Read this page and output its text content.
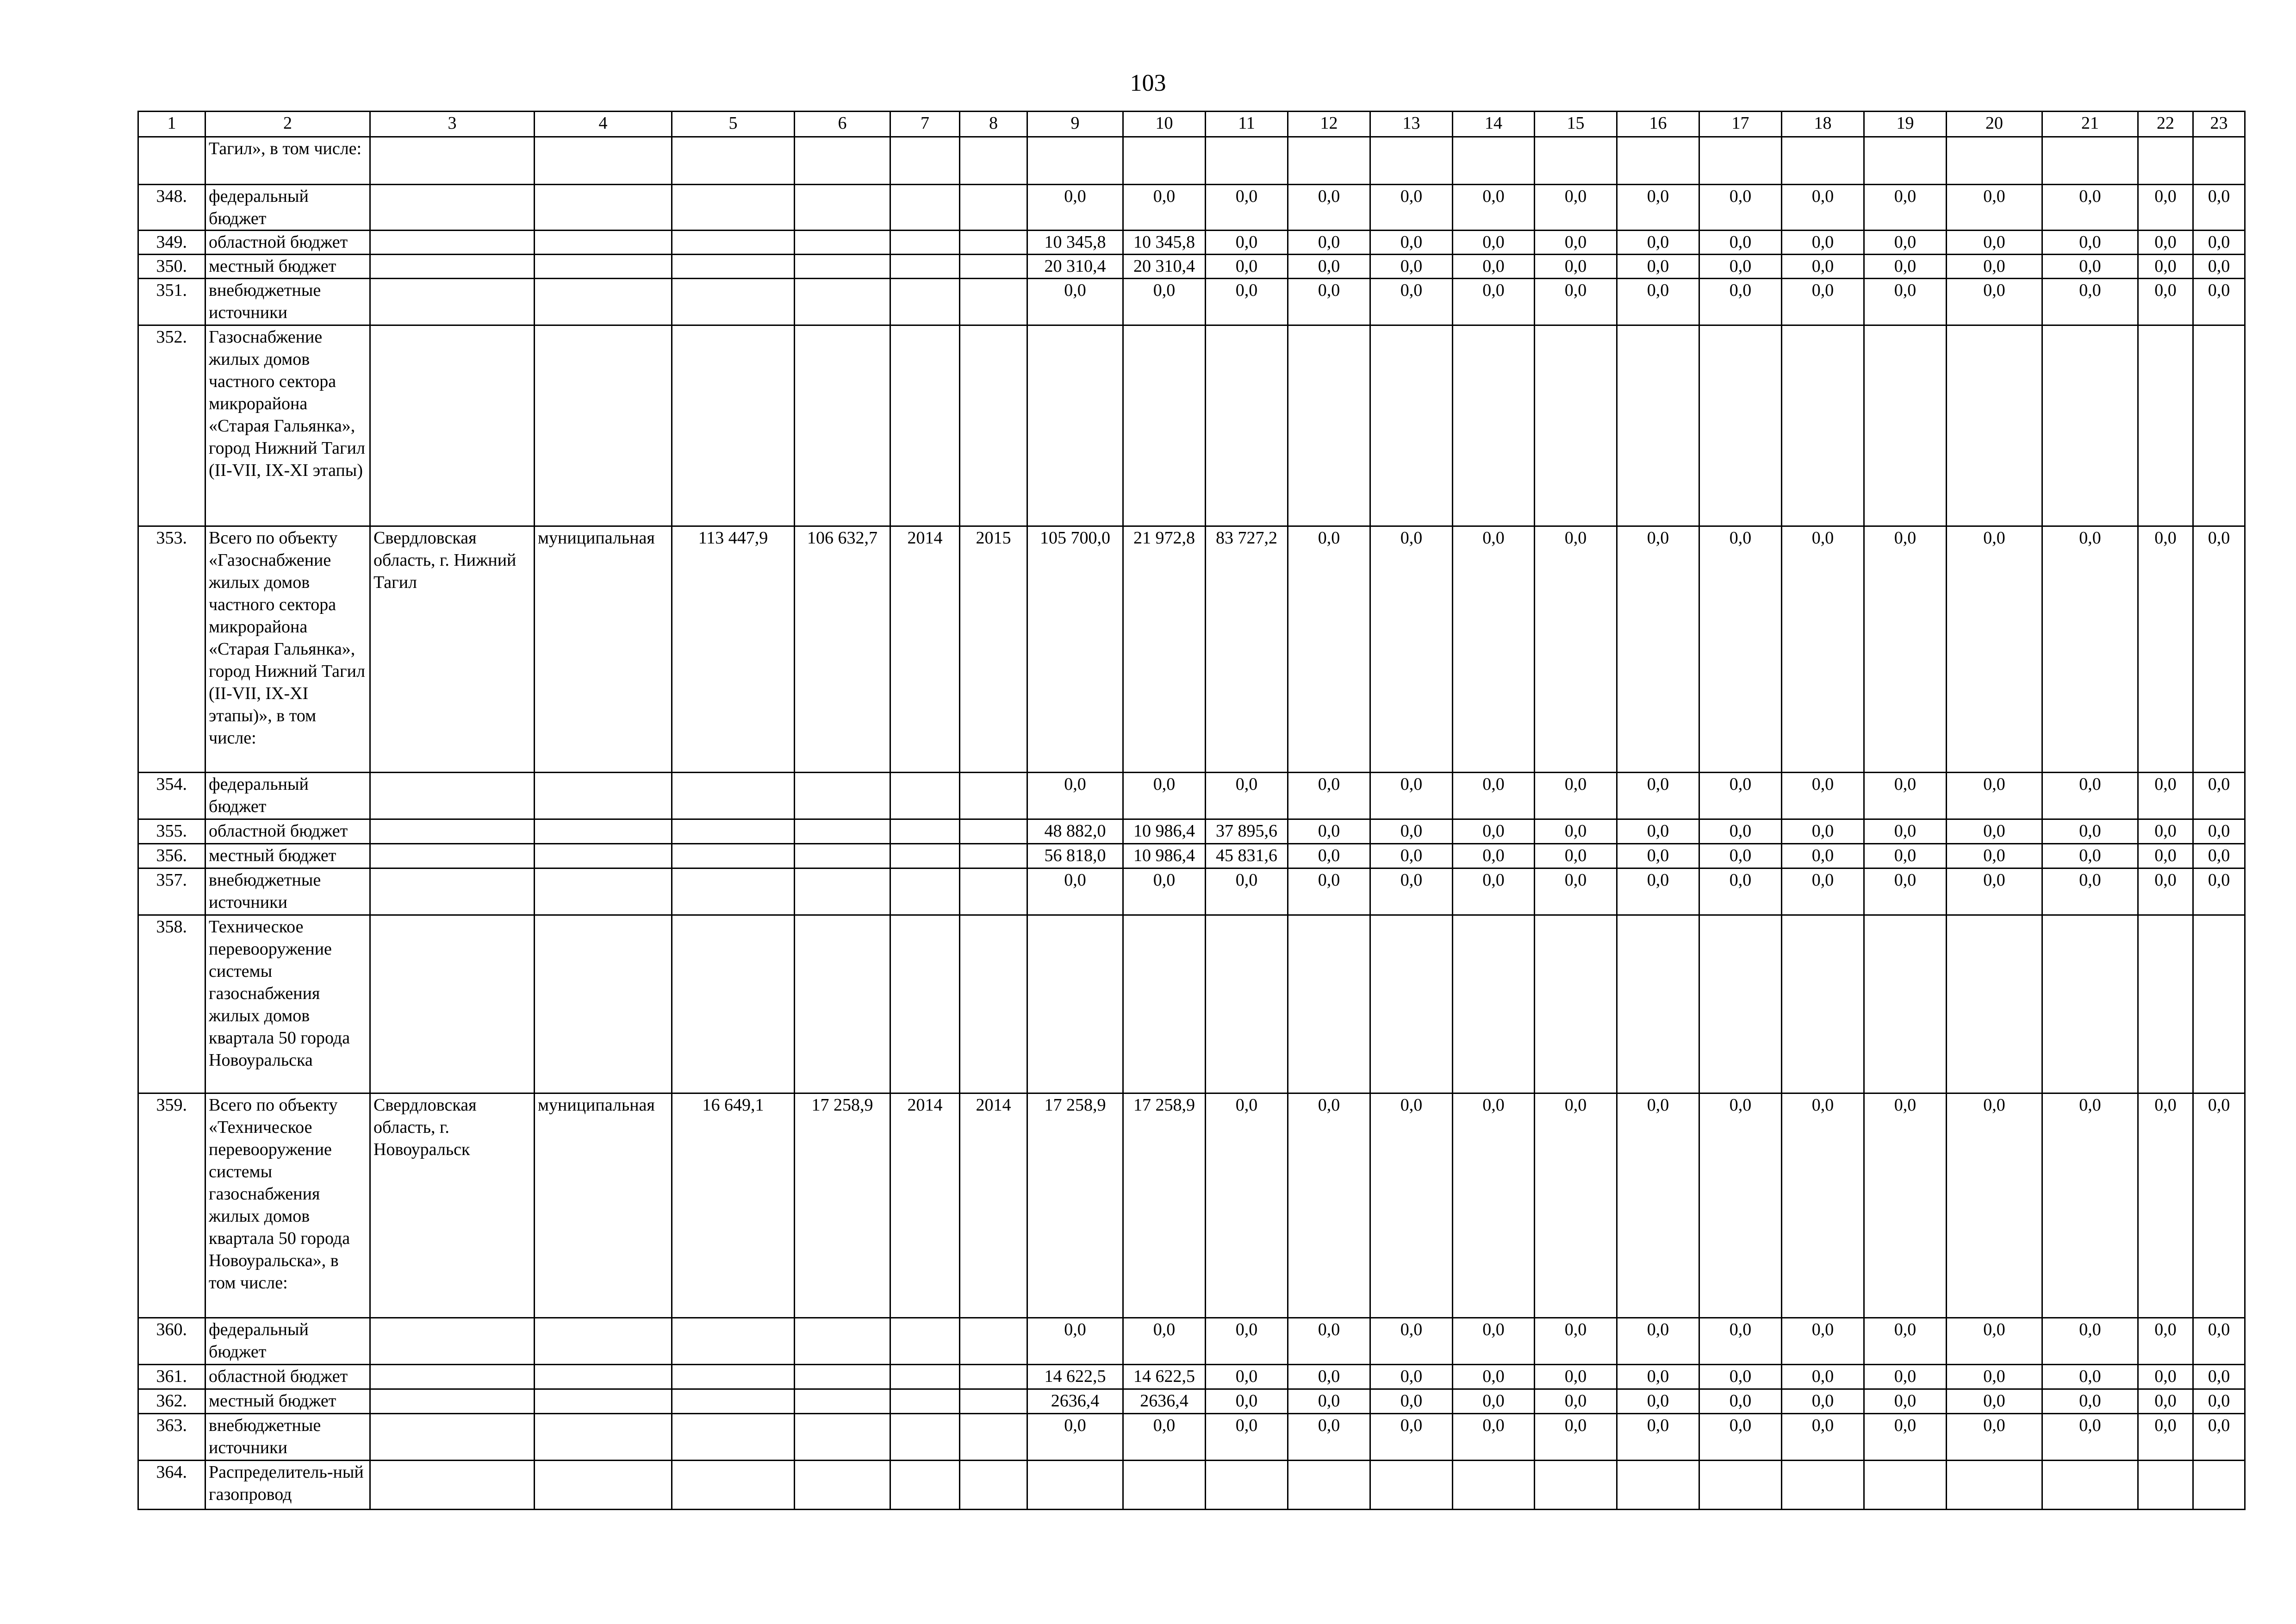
103
1	2	3	4	5	6	7	8	9	10	11	12	13	14	15	16	17	18	19	20	21	22	23
	Тагил», в том числе:																					
348.	федеральный бюджет							0,0	0,0	0,0	0,0	0,0	0,0	0,0	0,0	0,0	0,0	0,0	0,0	0,0	0,0	0,0
349.	областной бюджет							10 345,8	10 345,8	0,0	0,0	0,0	0,0	0,0	0,0	0,0	0,0	0,0	0,0	0,0	0,0	0,0
350.	местный бюджет							20 310,4	20 310,4	0,0	0,0	0,0	0,0	0,0	0,0	0,0	0,0	0,0	0,0	0,0	0,0	0,0
351.	внебюджетные источники							0,0	0,0	0,0	0,0	0,0	0,0	0,0	0,0	0,0	0,0	0,0	0,0	0,0	0,0	0,0
352.	Газоснабжение жилых домов частного сектора микрорайона «Старая Гальянка», город Нижний Тагил (II-VII, IX-XI этапы)																					
353.	Всего по объекту «Газоснабжение жилых домов частного сектора микрорайона «Старая Гальянка», город Нижний Тагил (II-VII, IX-XI этапы)», в том числе:	Свердловская область, г. Нижний Тагил	муниципальная	113 447,9	106 632,7	2014	2015	105 700,0	21 972,8	83 727,2	0,0	0,0	0,0	0,0	0,0	0,0	0,0	0,0	0,0	0,0	0,0	0,0
354.	федеральный бюджет							0,0	0,0	0,0	0,0	0,0	0,0	0,0	0,0	0,0	0,0	0,0	0,0	0,0	0,0	0,0
355.	областной бюджет							48 882,0	10 986,4	37 895,6	0,0	0,0	0,0	0,0	0,0	0,0	0,0	0,0	0,0	0,0	0,0	0,0
356.	местный бюджет							56 818,0	10 986,4	45 831,6	0,0	0,0	0,0	0,0	0,0	0,0	0,0	0,0	0,0	0,0	0,0	0,0
357.	внебюджетные источники							0,0	0,0	0,0	0,0	0,0	0,0	0,0	0,0	0,0	0,0	0,0	0,0	0,0	0,0	0,0
358.	Техническое перевооружение системы газоснабжения жилых домов квартала 50 города Новоуральска																					
359.	Всего по объекту «Техническое перевооружение системы газоснабжения жилых домов квартала 50 города Новоуральска», в том числе:	Свердловская область, г. Новоуральск	муниципальная	16 649,1	17 258,9	2014	2014	17 258,9	17 258,9	0,0	0,0	0,0	0,0	0,0	0,0	0,0	0,0	0,0	0,0	0,0	0,0	0,0
360.	федеральный бюджет							0,0	0,0	0,0	0,0	0,0	0,0	0,0	0,0	0,0	0,0	0,0	0,0	0,0	0,0	0,0
361.	областной бюджет							14 622,5	14 622,5	0,0	0,0	0,0	0,0	0,0	0,0	0,0	0,0	0,0	0,0	0,0	0,0	0,0
362.	местный бюджет							2636,4	2636,4	0,0	0,0	0,0	0,0	0,0	0,0	0,0	0,0	0,0	0,0	0,0	0,0	0,0
363.	внебюджетные источники							0,0	0,0	0,0	0,0	0,0	0,0	0,0	0,0	0,0	0,0	0,0	0,0	0,0	0,0	0,0
364.	Распределитель-ный газопровод																					
